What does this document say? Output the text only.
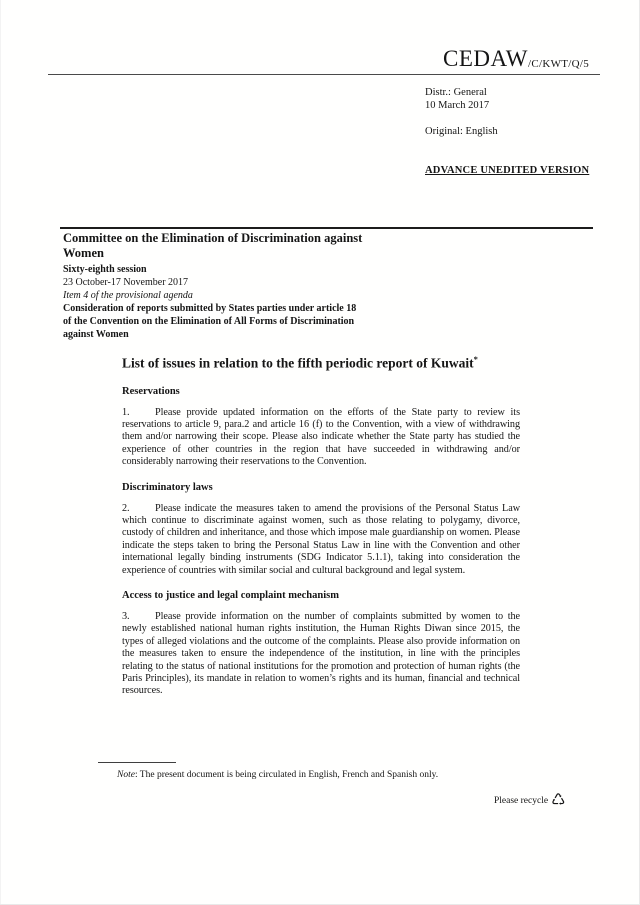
CEDAW/C/KWT/Q/5
Distr.: General
10 March 2017
Original: English
ADVANCE UNEDITED VERSION
Committee on the Elimination of Discrimination against Women
Sixty-eighth session
23 October-17 November 2017
Item 4 of the provisional agenda
Consideration of reports submitted by States parties under article 18 of the Convention on the Elimination of All Forms of Discrimination against Women
List of issues in relation to the fifth periodic report of Kuwait*
Reservations

1. Please provide updated information on the efforts of the State party to review its reservations to article 9, para.2 and article 16 (f) to the Convention, with a view of withdrawing them and/or narrowing their scope. Please also indicate whether the State party has studied the experience of other countries in the region that have succeeded in withdrawing and/or considerably narrowing their reservations to the Convention.

Discriminatory laws

2. Please indicate the measures taken to amend the provisions of the Personal Status Law which continue to discriminate against women, such as those relating to polygamy, divorce, custody of children and inheritance, and those which impose male guardianship on women. Please indicate the steps taken to bring the Personal Status Law in line with the Convention and other international legally binding instruments (SDG Indicator 5.1.1), taking into consideration the experience of countries with similar social and cultural background and legal system.

Access to justice and legal complaint mechanism

3. Please provide information on the number of complaints submitted by women to the newly established national human rights institution, the Human Rights Diwan since 2015, the types of alleged violations and the outcome of the complaints. Please also provide information on the measures taken to ensure the independence of the institution, in line with the principles relating to the status of national institutions for the promotion and protection of human rights (the Paris Principles), its mandate in relation to women’s rights and its human, financial and technical resources.

Note: The present document is being circulated in English, French and Spanish only.
Please recycle ♺
